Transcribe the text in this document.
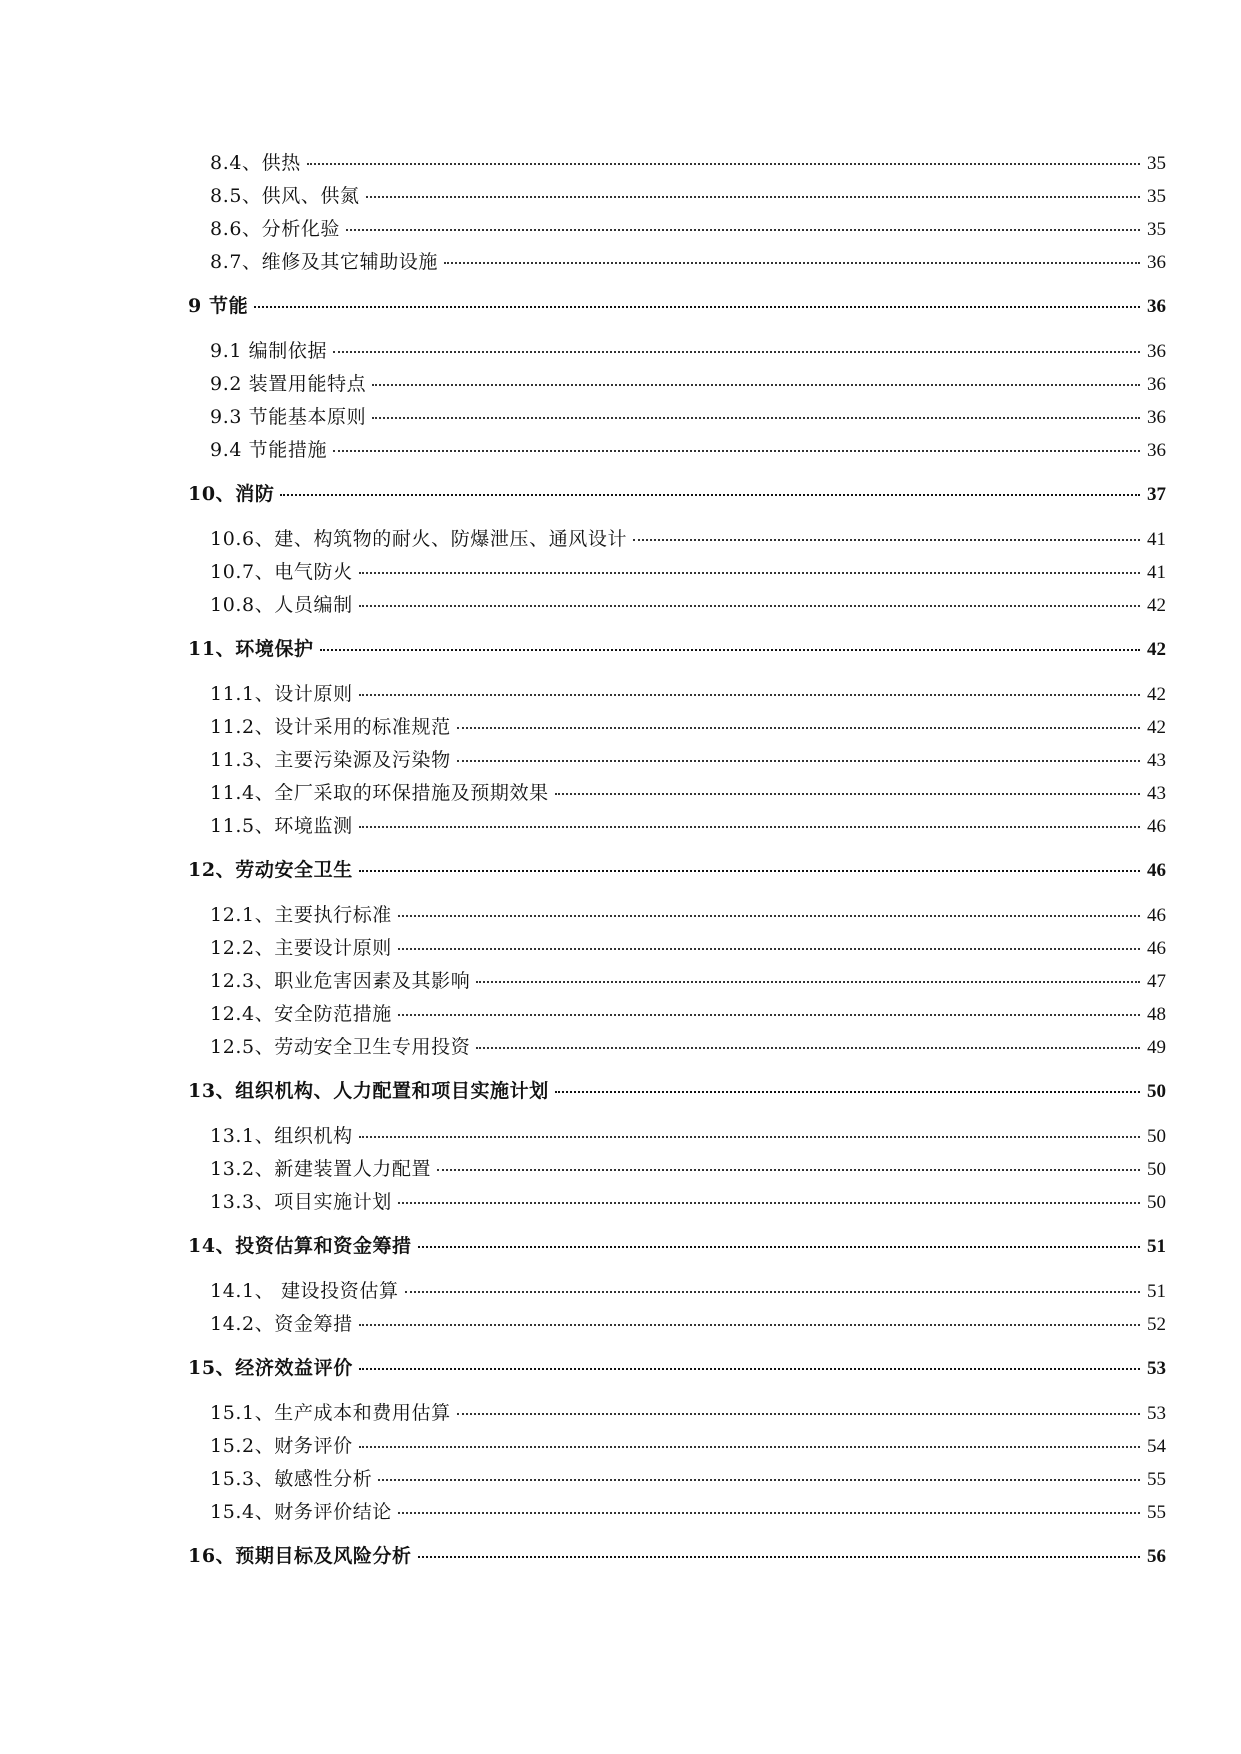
8.4、供热	35
8.5、供风、供氮	35
8.6、分析化验	35
8.7、维修及其它辅助设施	36
9 节能	36
9.1 编制依据	36
9.2 装置用能特点	36
9.3 节能基本原则	36
9.4 节能措施	36
10、消防	37
10.6、建、构筑物的耐火、防爆泄压、通风设计	41
10.7、电气防火	41
10.8、人员编制	42
11、环境保护	42
11.1、设计原则	42
11.2、设计采用的标准规范	42
11.3、主要污染源及污染物	43
11.4、全厂采取的环保措施及预期效果	43
11.5、环境监测	46
12、劳动安全卫生	46
12.1、主要执行标准	46
12.2、主要设计原则	46
12.3、职业危害因素及其影响	47
12.4、安全防范措施	48
12.5、劳动安全卫生专用投资	49
13、组织机构、人力配置和项目实施计划	50
13.1、组织机构	50
13.2、新建装置人力配置	50
13.3、项目实施计划	50
14、投资估算和资金筹措	51
14.1、 建设投资估算	51
14.2、资金筹措	52
15、经济效益评价	53
15.1、生产成本和费用估算	53
15.2、财务评价	54
15.3、敏感性分析	55
15.4、财务评价结论	55
16、预期目标及风险分析	56
